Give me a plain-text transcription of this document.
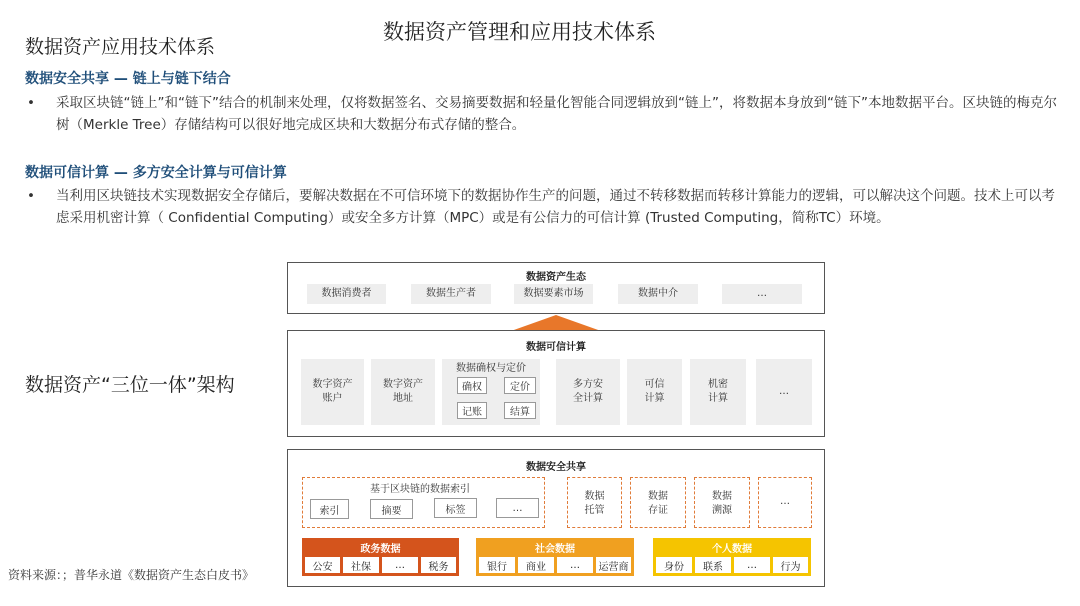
数据资产管理和应用技术体系
数据资产应用技术体系
数据安全共享 — 链上与链下结合
• 采取区块链“链上”和“链下”结合的机制来处理，仅将数据签名、交易摘要数据和轻量化智能合同逻辑放到“链上”，将数据本身放到“链下”本地数据平台。区块链的梅克尔树（Merkle Tree）存储结构可以很好地完成区块和大数据分布式存储的整合。
数据可信计算 — 多方安全计算与可信计算
• 当利用区块链技术实现数据安全存储后，要解决数据在不可信环境下的数据协作生产的问题，通过不转移数据而转移计算能力的逻辑，可以解决这个问题。技术上可以考虑采用机密计算（ Confidential Computing）或安全多方计算（MPC）或是有公信力的可信计算 (Trusted Computing，简称TC）环境。
数据资产“三位一体”架构
资料来源：；普华永道《数据资产生态白皮书》
数据资产生态
数据消费者	数据生产者	数据要素市场	数据中介	…
数据可信计算
数字资产
账户
数字资产
地址
数据确权与定价
确权	定价
记账	结算
多方安
全计算
可信
计算
机密
计算
…
数据安全共享
基于区块链的数据索引
索引	摘要	标签	…
数据
托管
数据
存证
数据
溯源
…
政务数据
公安	社保	…	税务
社会数据
银行	商业	…	运营商
个人数据
身份	联系	…	行为
